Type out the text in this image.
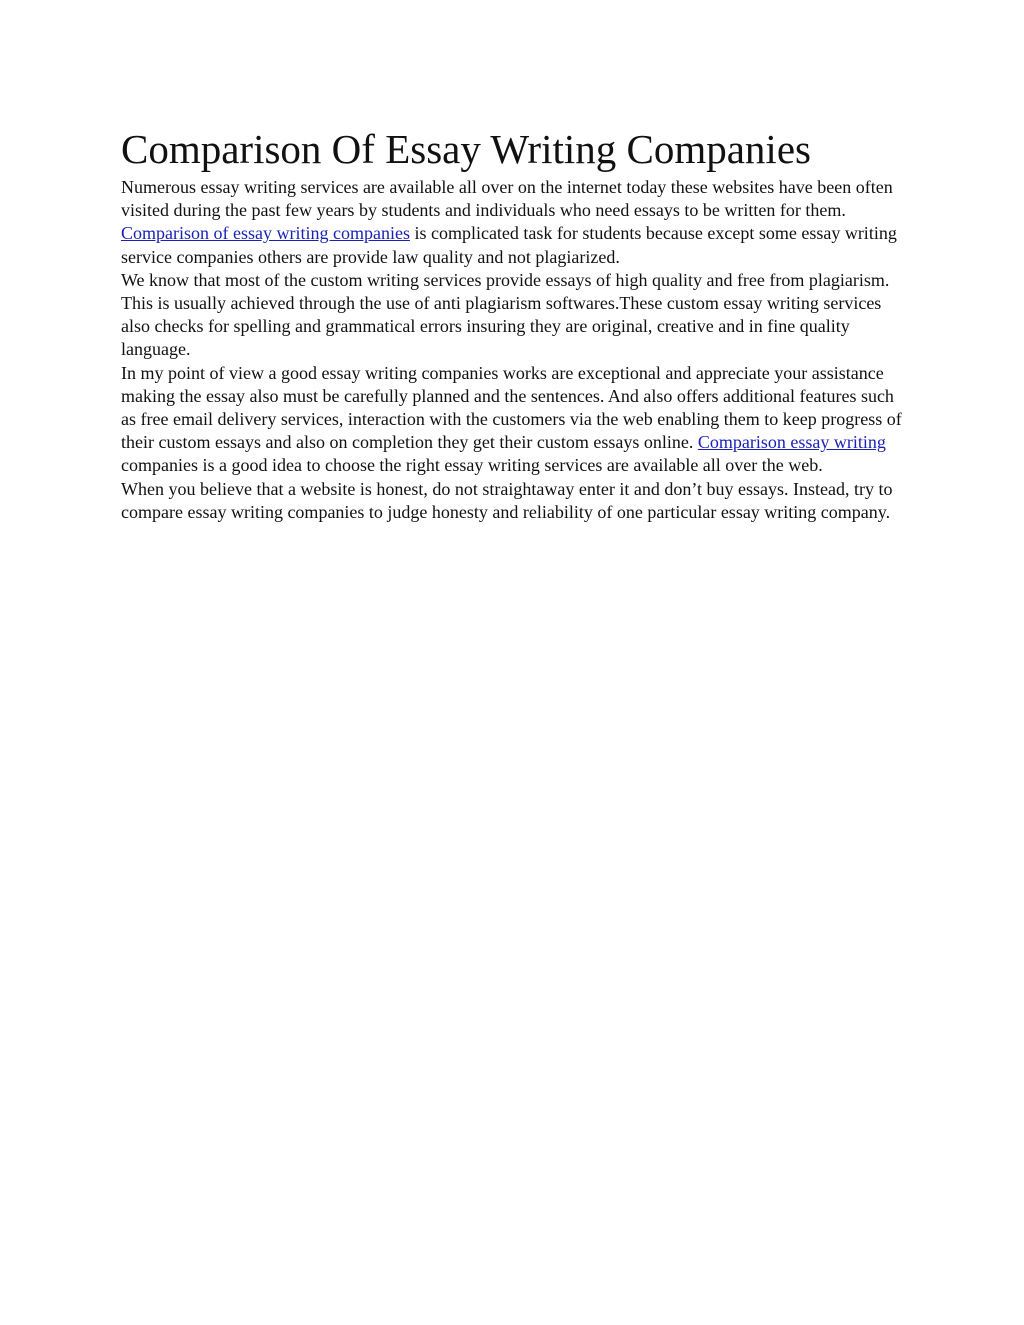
Comparison Of Essay Writing Companies

Numerous essay writing services are available all over on the internet today these websites have been often visited during the past few years by students and individuals who need essays to be written for them. Comparison of essay writing companies is complicated task for students because except some essay writing service companies others are provide law quality and not plagiarized.

We know that most of the custom writing services provide essays of high quality and free from plagiarism. This is usually achieved through the use of anti plagiarism softwares.These custom essay writing services also checks for spelling and grammatical errors insuring they are original, creative and in fine quality language.

In my point of view a good essay writing companies works are exceptional and appreciate your assistance making the essay also must be carefully planned and the sentences. And also offers additional features such as free email delivery services, interaction with the customers via the web enabling them to keep progress of their custom essays and also on completion they get their custom essays online. Comparison essay writing companies is a good idea to choose the right essay writing services are available all over the web.

When you believe that a website is honest, do not straightaway enter it and don’t buy essays. Instead, try to compare essay writing companies to judge honesty and reliability of one particular essay writing company.
